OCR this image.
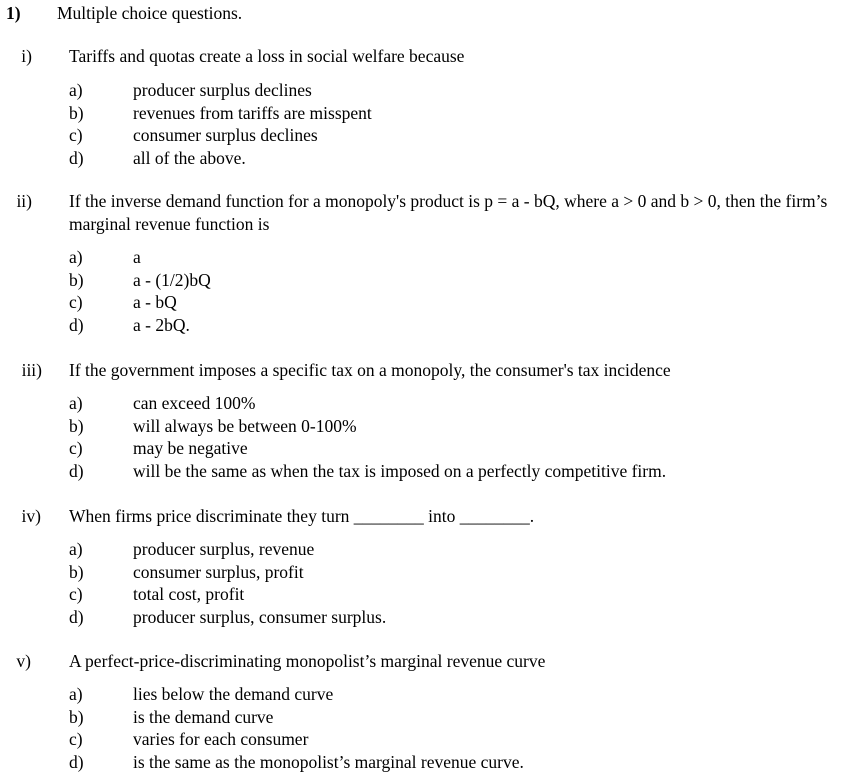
1) Multiple choice questions.
i) Tariffs and quotas create a loss in social welfare because
a)	producer surplus declines
b)	revenues from tariffs are misspent
c)	consumer surplus declines
d)	all of the above.
ii) If the inverse demand function for a monopoly's product is p = a - bQ, where a > 0 and b > 0, then the firm’s marginal revenue function is
a)	a
b)	a - (1/2)bQ
c)	a - bQ
d)	a - 2bQ.
iii) If the government imposes a specific tax on a monopoly, the consumer's tax incidence
a)	can exceed 100%
b)	will always be between 0-100%
c)	may be negative
d)	will be the same as when the tax is imposed on a perfectly competitive firm.
iv) When firms price discriminate they turn ________ into ________.
a)	producer surplus, revenue
b)	consumer surplus, profit
c)	total cost, profit
d)	producer surplus, consumer surplus.
v) A perfect-price-discriminating monopolist’s marginal revenue curve
a)	lies below the demand curve
b)	is the demand curve
c)	varies for each consumer
d)	is the same as the monopolist’s marginal revenue curve.
